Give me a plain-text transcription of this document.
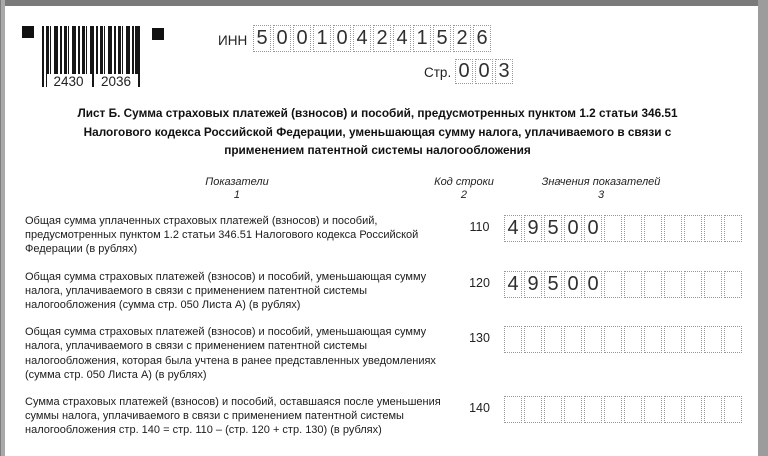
2430	2036
ИНН 5 0 0 1 0 4 2 4 1 5 2 6
Стр. 0 0 3
Лист Б. Сумма страховых платежей (взносов) и пособий, предусмотренных пунктом 1.2 статьи 346.51
Налогового кодекса Российской Федерации, уменьшающая сумму налога, уплачиваемого в связи с
применением патентной системы налогообложения
Показатели
1
Код строки
2
Значения показателей
3
Общая сумма уплаченных страховых платежей (взносов) и пособий, предусмотренных пунктом 1.2 статьи 346.51 Налогового кодекса Российской Федерации (в рублях)
110 4 9 5 0 0
Общая сумма страховых платежей (взносов) и пособий, уменьшающая сумму налога, уплачиваемого в связи с применением патентной системы налогообложения (сумма стр. 050 Листа А) (в рублях)
120 4 9 5 0 0
Общая сумма страховых платежей (взносов) и пособий, уменьшающая сумму налога, уплачиваемого в связи с применением патентной системы налогообложения, которая была учтена в ранее представленных уведомлениях (сумма стр. 050 Листа А) (в рублях)
130
Сумма страховых платежей (взносов) и пособий, оставшаяся после уменьшения суммы налога, уплачиваемого в связи с применением патентной системы налогообложения стр. 140 = стр. 110 – (стр. 120 + стр. 130) (в рублях)
140
